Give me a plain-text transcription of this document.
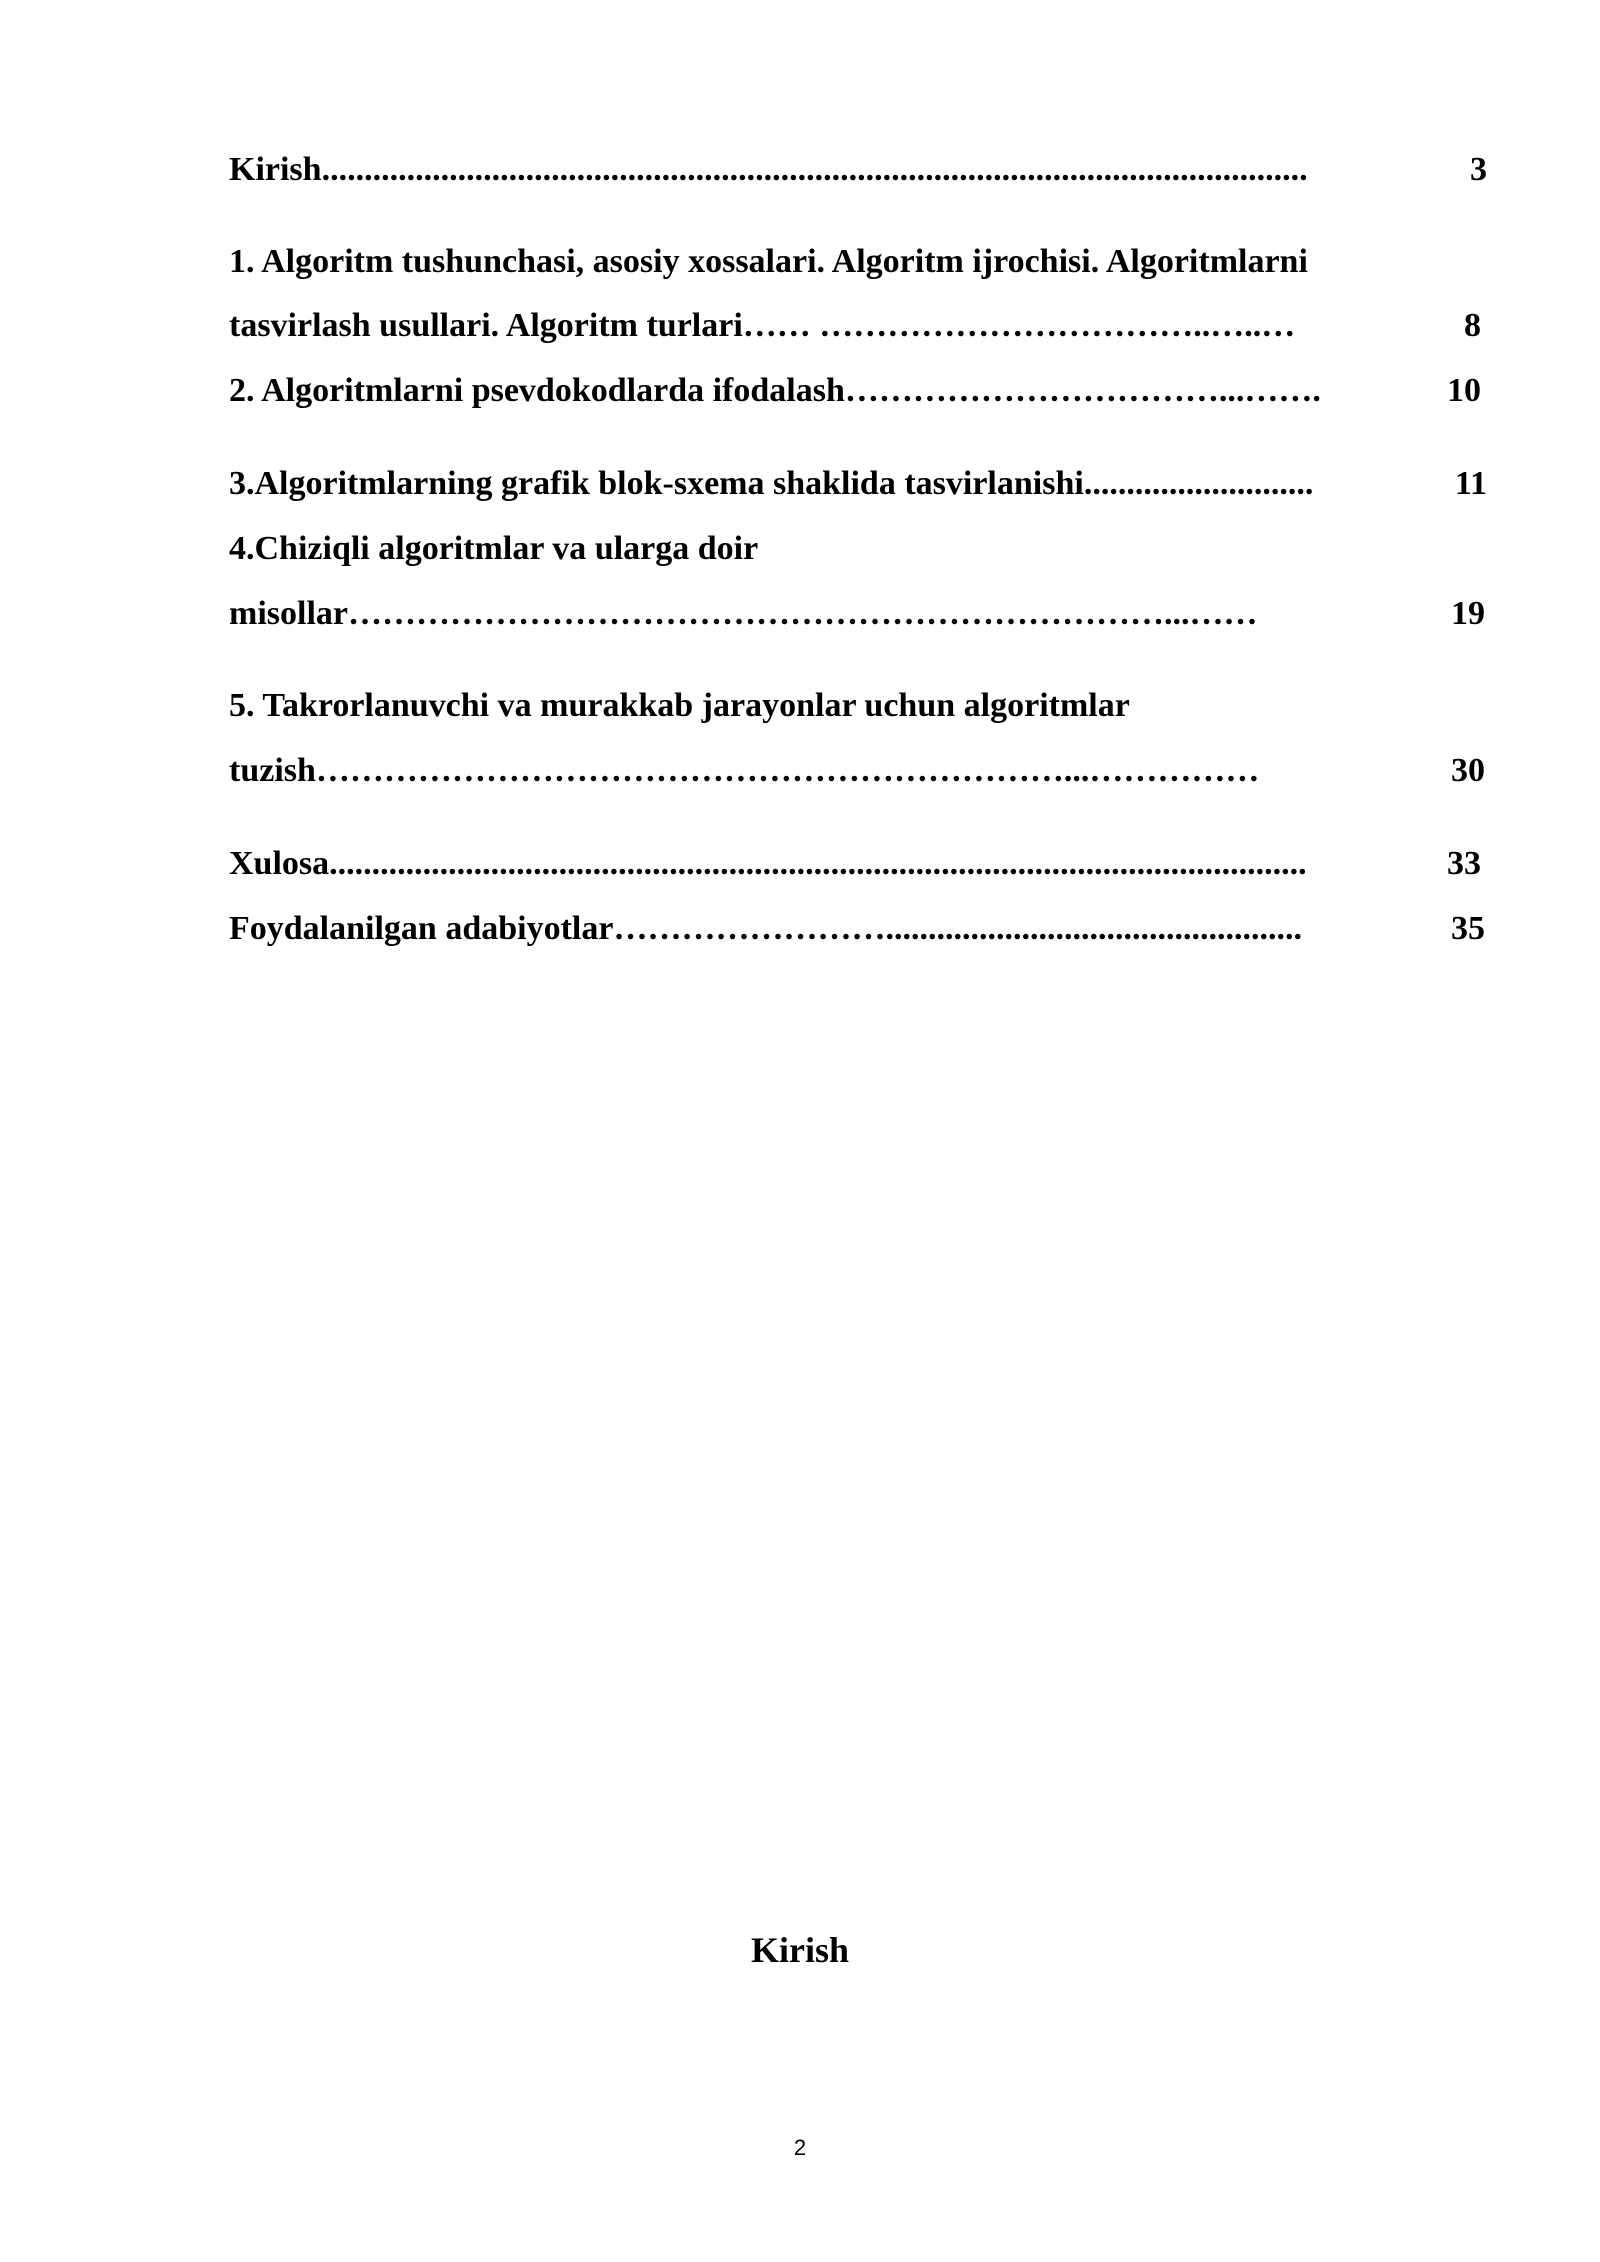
Kirish ....................................................................................................................	3
1. Algoritm tushunchasi, asosiy xossalari. Algoritm ijrochisi. Algoritmlarni
tasvirlash usullari. Algoritm turlari …… ……………………………..…..…	8
2. Algoritmlarni psevdokodlarda ifodalash ……………………………...…….	10
3.Algoritmlarning grafik blok-sxema shaklida tasvirlanishi ...........................	11
4.Chiziqli algoritmlar va ularga doir
misollar ………………………………………………………………...……	19
5. Takrorlanuvchi va murakkab jarayonlar uchun algoritmlar
tuzish …………………………………………………………...……………	30
Xulosa ...................................................................................................................	33
Foydalanilgan adabiyotlar …………………….................................................	35
Kirish
2
